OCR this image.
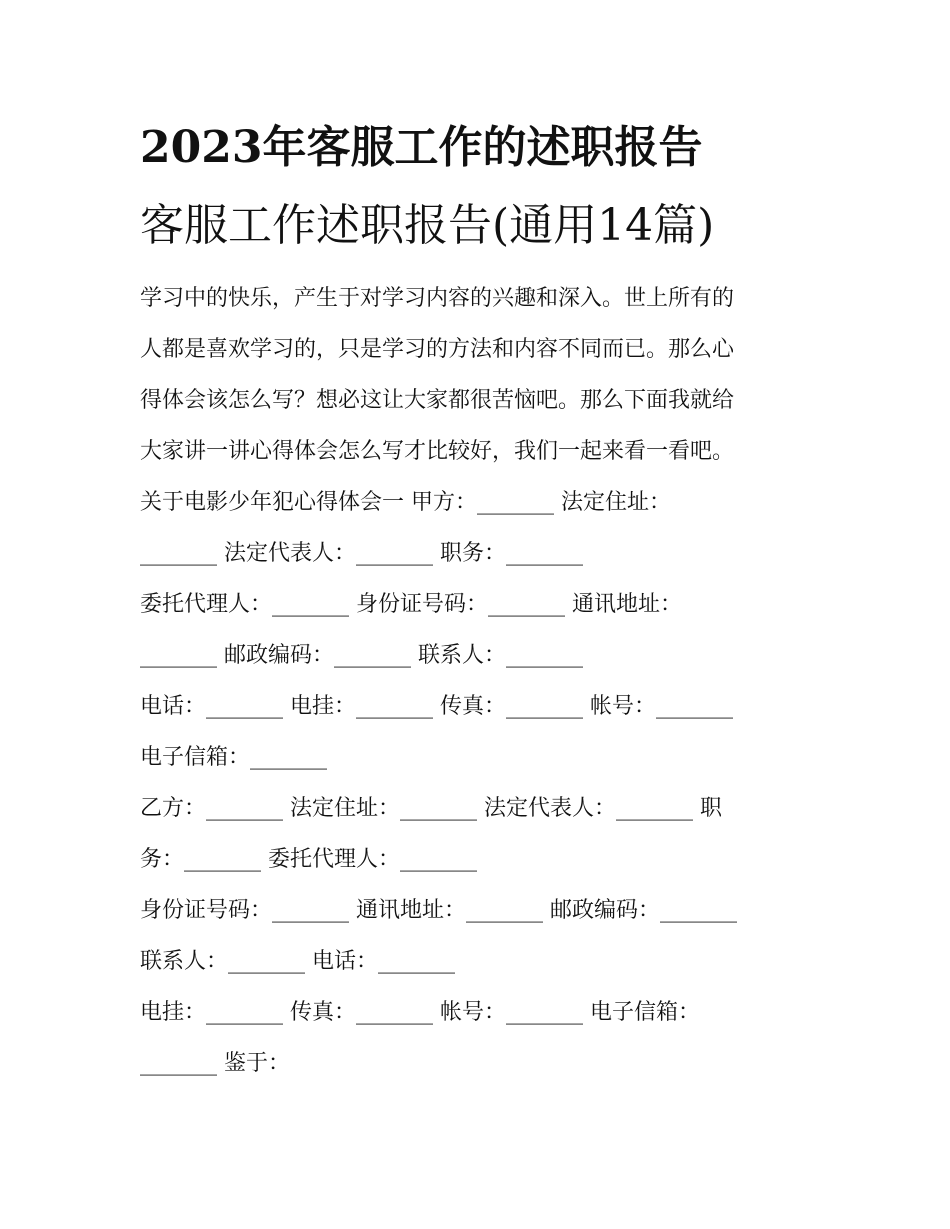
2023年客服工作的述职报告
客服工作述职报告(通用14篇)
学习中的快乐，产生于对学习内容的兴趣和深入。世上所有的
人都是喜欢学习的，只是学习的方法和内容不同而已。那么心
得体会该怎么写？想必这让大家都很苦恼吧。那么下面我就给
大家讲一讲心得体会怎么写才比较好，我们一起来看一看吧。
关于电影少年犯心得体会一 甲方：_______ 法定住址：
_______ 法定代表人：_______ 职务：_______
委托代理人：_______ 身份证号码：_______ 通讯地址：
_______ 邮政编码：_______ 联系人：_______
电话：_______ 电挂：_______ 传真：_______ 帐号：_______
电子信箱：_______
乙方：_______ 法定住址：_______ 法定代表人：_______ 职
务：_______ 委托代理人：_______
身份证号码：_______ 通讯地址：_______ 邮政编码：_______
联系人：_______ 电话：_______
电挂：_______ 传真：_______ 帐号：_______ 电子信箱：
_______ 鉴于：
